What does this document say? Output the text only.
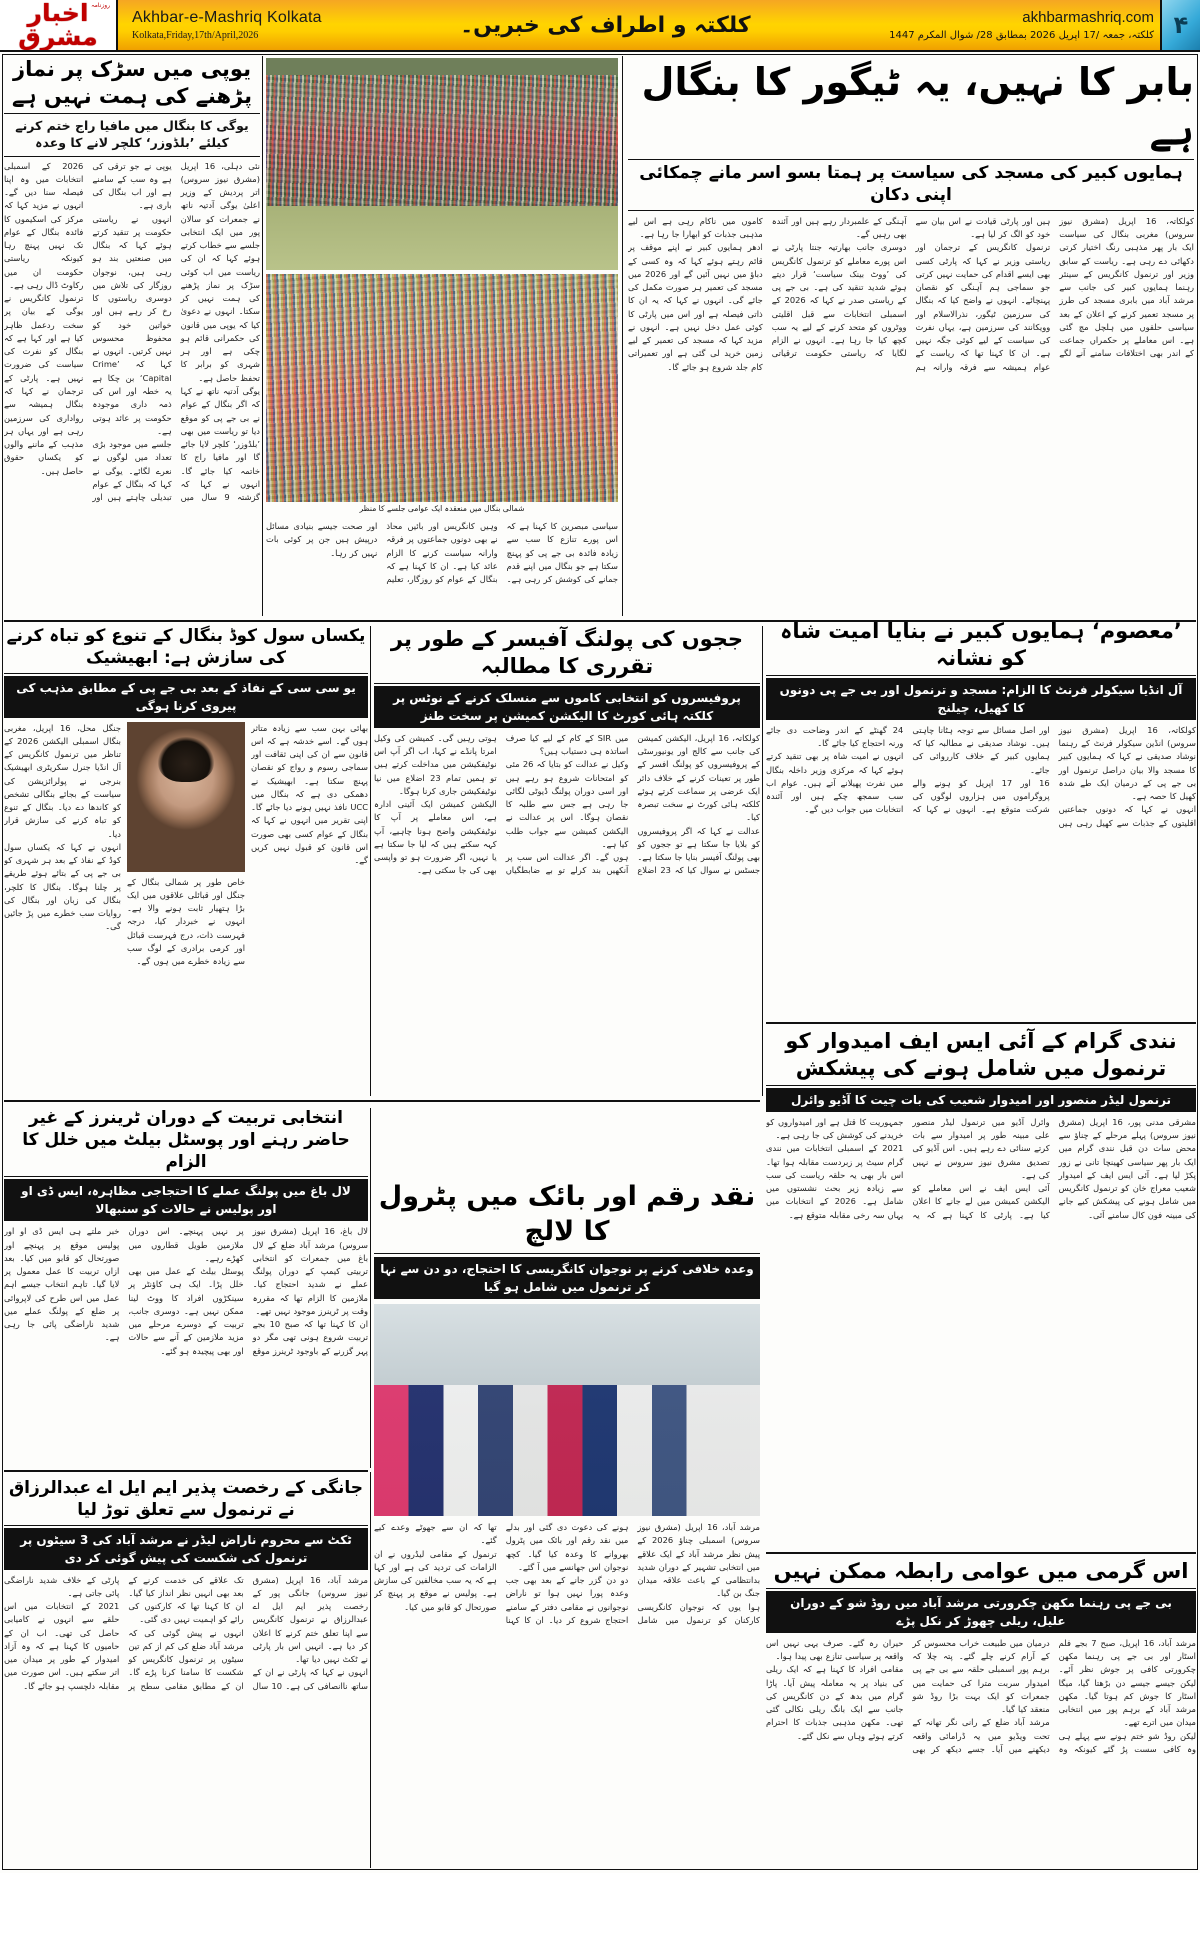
روزنامہ
اخبار مشرق
Akhbar-e-Mashriq Kolkata
Kolkata,Friday,17th/April,2026	کلکتہ و اطراف کی خبریں۔	akhbarmashriq.com
کلکتہ، جمعہ /17 اپریل 2026 بمطابق 28/ شوال المکرم 1447 ۴
یوپی میں سڑک پر نماز پڑھنے کی ہمت نہیں ہے
یوگی کا بنگال میں مافیا راج ختم کرنے کیلئے ’بلڈوزر‘ کلچر لانے کا وعدہ

نئی دہلی، 16 اپریل (مشرق نیوز سروس) اتر پردیش کے وزیر اعلیٰ یوگی آدتیہ ناتھ نے جمعرات کو سالان پور میں ایک انتخابی جلسے سے خطاب کرتے ہوئے کہا کہ ان کی ریاست میں اب کوئی سڑک پر نماز پڑھنے کی ہمت نہیں کر سکتا۔ انہوں نے دعویٰ کیا کہ یوپی میں قانون کی حکمرانی قائم ہو چکی ہے اور ہر شہری کو برابر کا تحفظ حاصل ہے۔

یوگی آدتیہ ناتھ نے کہا کہ اگر بنگال کے عوام نے بی جے پی کو موقع دیا تو ریاست میں بھی ’بلڈوزر‘ کلچر لایا جائے گا اور مافیا راج کا خاتمہ کیا جائے گا۔ انہوں نے کہا کہ گزشتہ 9 سال میں یوپی نے جو ترقی کی ہے وہ سب کے سامنے ہے اور اب بنگال کی باری ہے۔

انہوں نے ریاستی حکومت پر تنقید کرتے ہوئے کہا کہ بنگال میں صنعتیں بند ہو رہی ہیں، نوجوان روزگار کی تلاش میں دوسری ریاستوں کا رخ کر رہے ہیں اور خواتین خود کو محفوظ محسوس نہیں کرتیں۔ انہوں نے کہا کہ ’Crime Capital‘ بن چکا ہے یہ خطہ اور اس کی ذمہ داری موجودہ حکومت پر عائد ہوتی ہے۔

جلسے میں موجود بڑی تعداد میں لوگوں نے نعرے لگائے۔ یوگی نے کہا کہ بنگال کے عوام تبدیلی چاہتے ہیں اور 2026 کے اسمبلی انتخابات میں وہ اپنا فیصلہ سنا دیں گے۔ انہوں نے مزید کہا کہ مرکز کی اسکیموں کا فائدہ بنگال کے عوام تک نہیں پہنچ رہا کیونکہ ریاستی حکومت ان میں رکاوٹ ڈال رہی ہے۔

ترنمول کانگریس نے یوگی کے بیان پر سخت ردعمل ظاہر کیا ہے اور کہا ہے کہ بنگال کو نفرت کی سیاست کی ضرورت نہیں ہے۔ پارٹی کے ترجمان نے کہا کہ بنگال ہمیشہ سے رواداری کی سرزمین رہی ہے اور یہاں ہر مذہب کے ماننے والوں کو یکساں حقوق حاصل ہیں۔

شمالی بنگال میں منعقدہ ایک عوامی جلسے کا منظر

سیاسی مبصرین کا کہنا ہے کہ اس پورے تنازع کا سب سے زیادہ فائدہ بی جے پی کو پہنچ سکتا ہے جو بنگال میں اپنے قدم جمانے کی کوشش کر رہی ہے۔ وہیں کانگریس اور بائیں محاذ نے بھی دونوں جماعتوں پر فرقہ وارانہ سیاست کرنے کا الزام عائد کیا ہے۔ ان کا کہنا ہے کہ بنگال کے عوام کو روزگار، تعلیم اور صحت جیسے بنیادی مسائل درپیش ہیں جن پر کوئی بات نہیں کر رہا۔

بابر کا نہیں، یہ ٹیگور کا بنگال ہے
ہمایوں کبیر کی مسجد کی سیاست پر ہمتا بسو اسر مانے چمکائی اپنی دکان

کولکاتہ، 16 اپریل (مشرق نیوز سروس) مغربی بنگال کی سیاست ایک بار پھر مذہبی رنگ اختیار کرتی دکھائی دے رہی ہے۔ ریاست کے سابق وزیر اور ترنمول کانگریس کے سینئر رہنما ہمایوں کبیر کی جانب سے مرشد آباد میں بابری مسجد کی طرز پر مسجد تعمیر کرنے کے اعلان کے بعد سیاسی حلقوں میں ہلچل مچ گئی ہے۔ اس معاملے پر حکمراں جماعت کے اندر بھی اختلافات سامنے آنے لگے ہیں اور پارٹی قیادت نے اس بیان سے خود کو الگ کر لیا ہے۔

ترنمول کانگریس کے ترجمان اور ریاستی وزیر نے کہا کہ پارٹی کسی بھی ایسے اقدام کی حمایت نہیں کرتی جو سماجی ہم آہنگی کو نقصان پہنچائے۔ انہوں نے واضح کیا کہ بنگال کی سرزمین ٹیگور، نذرالاسلام اور وویکانند کی سرزمین ہے، یہاں نفرت کی سیاست کے لیے کوئی جگہ نہیں ہے۔ ان کا کہنا تھا کہ ریاست کے عوام ہمیشہ سے فرقہ وارانہ ہم آہنگی کے علمبردار رہے ہیں اور آئندہ بھی رہیں گے۔

دوسری جانب بھارتیہ جنتا پارٹی نے اس پورے معاملے کو ترنمول کانگریس کی ’ووٹ بینک سیاست‘ قرار دیتے ہوئے شدید تنقید کی ہے۔ بی جے پی کے ریاستی صدر نے کہا کہ 2026 کے اسمبلی انتخابات سے قبل اقلیتی ووٹروں کو متحد کرنے کے لیے یہ سب کچھ کیا جا رہا ہے۔ انہوں نے الزام لگایا کہ ریاستی حکومت ترقیاتی کاموں میں ناکام رہی ہے اس لیے مذہبی جذبات کو ابھارا جا رہا ہے۔

ادھر ہمایوں کبیر نے اپنے موقف پر قائم رہتے ہوئے کہا کہ وہ کسی کے دباؤ میں نہیں آئیں گے اور 2026 میں مسجد کی تعمیر ہر صورت مکمل کی جائے گی۔ انہوں نے کہا کہ یہ ان کا ذاتی فیصلہ ہے اور اس میں پارٹی کا کوئی عمل دخل نہیں ہے۔ انہوں نے مزید کہا کہ مسجد کی تعمیر کے لیے زمین خرید لی گئی ہے اور تعمیراتی کام جلد شروع ہو جائے گا۔

یکساں سول کوڈ بنگال کے تنوع کو تباہ کرنے کی سازش ہے: ابھیشیک
یو سی سی کے نفاذ کے بعد بی جے پی کے مطابق مذہب کی پیروی کرنا ہوگی

بھائی بہن سب سے زیادہ متاثر ہوں گے۔ اسے خدشہ ہے کہ اس قانون سے ان کی اپنی ثقافت اور سماجی رسوم و رواج کو نقصان پہنچ سکتا ہے۔ ابھیشیک نے دھمکی دی ہے کہ بنگال میں UCC نافذ نہیں ہونے دیا جائے گا۔ اپنی تقریر میں انہوں نے کہا کہ بنگال کے عوام کسی بھی صورت اس قانون کو قبول نہیں کریں گے۔

خاص طور پر شمالی بنگال کے جنگل اور قبائلی علاقوں میں ایک بڑا ہتھیار ثابت ہونے والا ہے۔ انہوں نے خبردار کیا، درجہ فہرست ذات، درج فہرست قبائل اور کرمی برادری کے لوگ سب سے زیادہ خطرے میں ہوں گے۔

جنگل محل، 16 اپریل، مغربی بنگال اسمبلی الیکشن 2026 کے تناظر میں ترنمول کانگریس کے آل انڈیا جنرل سکریٹری ابھیشیک بنرجی نے پولرائزیشن کی سیاست کے بجائے بنگالی تشخص کو کاندھا دے دیا۔ بنگال کے تنوع کو تباہ کرنے کی سازش قرار دیا۔

انہوں نے کہا کہ یکساں سول کوڈ کے نفاذ کے بعد ہر شہری کو بی جے پی کے بتائے ہوئے طریقے پر چلنا ہوگا۔ بنگال کا کلچر، بنگال کی زبان اور بنگال کی روایات سب خطرے میں پڑ جائیں گی۔

ججوں کی پولنگ آفیسر کے طور پر تقرری کا مطالبہ
پروفیسروں کو انتخابی کاموں سے منسلک کرنے کے نوٹس پر کلکتہ ہائی کورٹ کا الیکشن کمیشن پر سخت طنز

کولکاتہ، 16 اپریل، الیکشن کمیشن کی جانب سے کالج اور یونیورسٹی کے پروفیسروں کو پولنگ افسر کے طور پر تعینات کرنے کے خلاف دائر ایک عرضی پر سماعت کرتے ہوئے کلکتہ ہائی کورٹ نے سخت تبصرہ کیا۔

عدالت نے کہا کہ اگر پروفیسروں کو بلایا جا سکتا ہے تو ججوں کو بھی پولنگ آفیسر بنایا جا سکتا ہے۔ جسٹس نے سوال کیا کہ 23 اضلاع میں SIR کے کام کے لیے کیا صرف اساتذہ ہی دستیاب ہیں؟

وکیل نے عدالت کو بتایا کہ 26 مئی کو امتحانات شروع ہو رہے ہیں اور اسی دوران پولنگ ڈیوٹی لگائی جا رہی ہے جس سے طلبہ کا نقصان ہوگا۔ اس پر عدالت نے الیکشن کمیشن سے جواب طلب کیا ہے۔

ہوں گے۔ اگر عدالت اس سب پر آنکھیں بند کرلے تو بے ضابطگیاں ہوتی رہیں گی۔ کمیشن کی وکیل امرتا پانڈے نے کہا، اب اگر آپ اس نوٹیفکیشن میں مداخلت کرتے ہیں تو ہمیں تمام 23 اضلاع میں نیا نوٹیفکیشن جاری کرنا ہوگا۔

الیکشن کمیشن ایک آئینی ادارہ ہے، اس معاملے پر آپ کا نوٹیفکیشن واضح ہونا چاہیے، آپ کہہ سکتے ہیں کہ لیا جا سکتا ہے یا نہیں، اگر ضرورت ہو تو واپسی بھی کی جا سکتی ہے۔

’معصوم‘ ہمایوں کبیر نے بنایا امیت شاہ کو نشانہ
آل انڈیا سیکولر فرنٹ کا الزام: مسجد و ترنمول اور بی جے پی دونوں کا کھیل، چیلنج

کولکاتہ، 16 اپریل (مشرق نیوز سروس) انڈین سیکولر فرنٹ کے رہنما نوشاد صدیقی نے کہا کہ ہمایوں کبیر کا مسجد والا بیان دراصل ترنمول اور بی جے پی کے درمیان ایک طے شدہ کھیل کا حصہ ہے۔

انہوں نے کہا کہ دونوں جماعتیں اقلیتوں کے جذبات سے کھیل رہی ہیں اور اصل مسائل سے توجہ ہٹانا چاہتی ہیں۔ نوشاد صدیقی نے مطالبہ کیا کہ ہمایوں کبیر کے خلاف کارروائی کی جائے۔

16 اور 17 اپریل کو ہونے والے پروگراموں میں ہزاروں لوگوں کی شرکت متوقع ہے۔ انہوں نے کہا کہ 24 گھنٹے کے اندر وضاحت دی جائے ورنہ احتجاج کیا جائے گا۔

انہوں نے امیت شاہ پر بھی تنقید کرتے ہوئے کہا کہ مرکزی وزیر داخلہ بنگال میں نفرت پھیلانے آتے ہیں۔ عوام اب سب سمجھ چکے ہیں اور آئندہ انتخابات میں جواب دیں گے۔

نندی گرام کے آئی ایس ایف امیدوار کو ترنمول میں شامل ہونے کی پیشکش
ترنمول لیڈر منصور اور امیدوار شعیب کی بات چیت کا آڈیو وائرل

مشرقی مدنی پور، 16 اپریل (مشرق نیوز سروس) پہلے مرحلے کے چناؤ سے محض سات دن قبل نندی گرام میں ایک بار پھر سیاسی کھینچا تانی نے زور پکڑ لیا ہے۔ آئی ایس ایف کے امیدوار شعیب معراج خان کو ترنمول کانگریس میں شامل ہونے کی پیشکش کیے جانے کی مبینہ فون کال سامنے آئی۔

وائرل آڈیو میں ترنمول لیڈر منصور علی مبینہ طور پر امیدوار سے بات کرتے سنائی دے رہے ہیں۔ اس آڈیو کی تصدیق مشرق نیوز سروس نے نہیں کی ہے۔

آئی ایس ایف نے اس معاملے کو الیکشن کمیشن میں لے جانے کا اعلان کیا ہے۔ پارٹی کا کہنا ہے کہ یہ جمہوریت کا قتل ہے اور امیدواروں کو خریدنے کی کوشش کی جا رہی ہے۔

2021 کے اسمبلی انتخابات میں نندی گرام سیٹ پر زبردست مقابلہ ہوا تھا۔ اس بار بھی یہ حلقہ ریاست کی سب سے زیادہ زیر بحث نشستوں میں شامل ہے۔ 2026 کے انتخابات میں یہاں سہ رخی مقابلہ متوقع ہے۔

اس گرمی میں عوامی رابطہ ممکن نہیں
بی جے پی رہنما مکھن چکرورتی مرشد آباد میں روڈ شو کے دوران علیل، ریلی چھوڑ کر نکل پڑے

مرشد آباد، 16 اپریل، صبح 7 بجے فلم اسٹار اور بی جے پی رہنما مکھن چکرورتی کافی پر جوش نظر آئے۔ لیکن جیسے جیسے دن بڑھتا گیا، میگا اسٹار کا جوش کم ہوتا گیا۔ مکھن مرشد آباد کے برہم پور میں انتخابی میدان میں اترے تھے۔

لیکن روڈ شو ختم ہونے سے پہلے ہی وہ کافی سست پڑ گئے کیونکہ وہ درمیان میں طبیعت خراب محسوس کر کے آرام کرنے چلے گئے۔ پتہ چلا کہ برہم پور اسمبلی حلقہ سے بی جے پی امیدوار سربت مترا کی حمایت میں جمعرات کو ایک بہت بڑا روڈ شو منعقد کیا گیا۔

مرشد آباد ضلع کے رانی نگر تھانہ کے تحت ویڈیو میں یہ ڈرامائی واقعہ دیکھنے میں آیا۔ جسے دیکھ کر بھی حیران رہ گئے۔ صرف یہی نہیں اس واقعہ پر سیاسی تنازع بھی پیدا ہوا۔

مقامی افراد کا کہنا ہے کہ ایک ریلی کی بنیاد پر یہ معاملہ پیش آیا۔ پاڑا گرام میں بدھ کے دن کانگریس کی جانب سے ایک بانگ ریلی نکالی گئی تھی۔ مکھن مذہبی جذبات کا احترام کرتے ہوئے وہاں سے نکل گئے۔

انتخابی تربیت کے دوران ٹرینرز کے غیر حاضر رہنے اور پوسٹل بیلٹ میں خلل کا الزام
لال باغ میں پولنگ عملے کا احتجاجی مظاہرہ، ایس ڈی او اور پولیس نے حالات کو سنبھالا

لال باغ، 16 اپریل (مشرق نیوز سروس) مرشد آباد ضلع کے لال باغ میں جمعرات کو انتخابی تربیتی کیمپ کے دوران پولنگ عملے نے شدید احتجاج کیا۔ ملازمین کا الزام تھا کہ مقررہ وقت پر ٹرینرز موجود نہیں تھے۔

ان کا کہنا تھا کہ صبح 10 بجے تربیت شروع ہونی تھی مگر دو پہر گزرنے کے باوجود ٹرینرز موقع پر نہیں پہنچے۔ اس دوران ملازمین طویل قطاروں میں کھڑے رہے۔

پوسٹل بیلٹ کے عمل میں بھی خلل پڑا۔ ایک ہی کاؤنٹر پر سینکڑوں افراد کا ووٹ لینا ممکن نہیں ہے۔ دوسری جانب، تربیت کے دوسرے مرحلے میں مزید ملازمین کے آنے سے حالات اور بھی پیچیدہ ہو گئے۔

خبر ملتے ہی ایس ڈی او اور پولیس موقع پر پہنچے اور صورتحال کو قابو میں کیا۔ بعد ازاں تربیت کا عمل معمول پر لایا گیا۔ تاہم انتخاب جیسے اہم عمل میں اس طرح کی لاپروائی پر ضلع کے پولنگ عملے میں شدید ناراضگی پائی جا رہی ہے۔

نقد رقم اور بائک میں پٹرول کا لالچ
وعدہ خلافی کرنے پر نوجوان کانگریسی کا احتجاج، دو دن سے نہا کر ترنمول میں شامل ہو گیا

مرشد آباد، 16 اپریل (مشرق نیوز سروس) اسمبلی چناؤ 2026 کے پیش نظر مرشد آباد کے ایک علاقے میں انتخابی تشہیر کے دوران شدید بدانتظامی کے باعث علاقہ میدان جنگ بن گیا۔

ہوا یوں کہ نوجوان کانگریسی کارکنان کو ترنمول میں شامل ہونے کی دعوت دی گئی اور بدلے میں نقد رقم اور بائک میں پٹرول بھروانے کا وعدہ کیا گیا۔ کچھ نوجوان اس جھانسے میں آ گئے۔

دو دن گزر جانے کے بعد بھی جب وعدہ پورا نہیں ہوا تو ناراض نوجوانوں نے مقامی دفتر کے سامنے احتجاج شروع کر دیا۔ ان کا کہنا تھا کہ ان سے جھوٹے وعدے کیے گئے۔

ترنمول کے مقامی لیڈروں نے ان الزامات کی تردید کی ہے اور کہا ہے کہ یہ سب مخالفین کی سازش ہے۔ پولیس نے موقع پر پہنچ کر صورتحال کو قابو میں کیا۔

جانگی کے رخصت پذیر ایم ایل اے عبدالرزاق نے ترنمول سے تعلق توڑ لیا
ٹکٹ سے محروم ناراض لیڈر نے مرشد آباد کی 3 سیٹوں پر ترنمول کی شکست کی پیش گوئی کر دی

مرشد آباد، 16 اپریل (مشرق نیوز سروس) جانگی پور کے رخصت پذیر ایم ایل اے عبدالرزاق نے ترنمول کانگریس سے اپنا تعلق ختم کرنے کا اعلان کر دیا ہے۔ انہیں اس بار پارٹی نے ٹکٹ نہیں دیا تھا۔

انہوں نے کہا کہ پارٹی نے ان کے ساتھ ناانصافی کی ہے۔ 10 سال تک علاقے کی خدمت کرنے کے بعد بھی انہیں نظر انداز کیا گیا۔ ان کا کہنا تھا کہ کارکنوں کی رائے کو اہمیت نہیں دی گئی۔

انہوں نے پیش گوئی کی کہ مرشد آباد ضلع کی کم از کم تین سیٹوں پر ترنمول کانگریس کو شکست کا سامنا کرنا پڑے گا۔ ان کے مطابق مقامی سطح پر پارٹی کے خلاف شدید ناراضگی پائی جاتی ہے۔

2021 کے انتخابات میں اس حلقے سے انہوں نے کامیابی حاصل کی تھی۔ اب ان کے حامیوں کا کہنا ہے کہ وہ آزاد امیدوار کے طور پر میدان میں اتر سکتے ہیں۔ اس صورت میں مقابلہ دلچسپ ہو جائے گا۔
